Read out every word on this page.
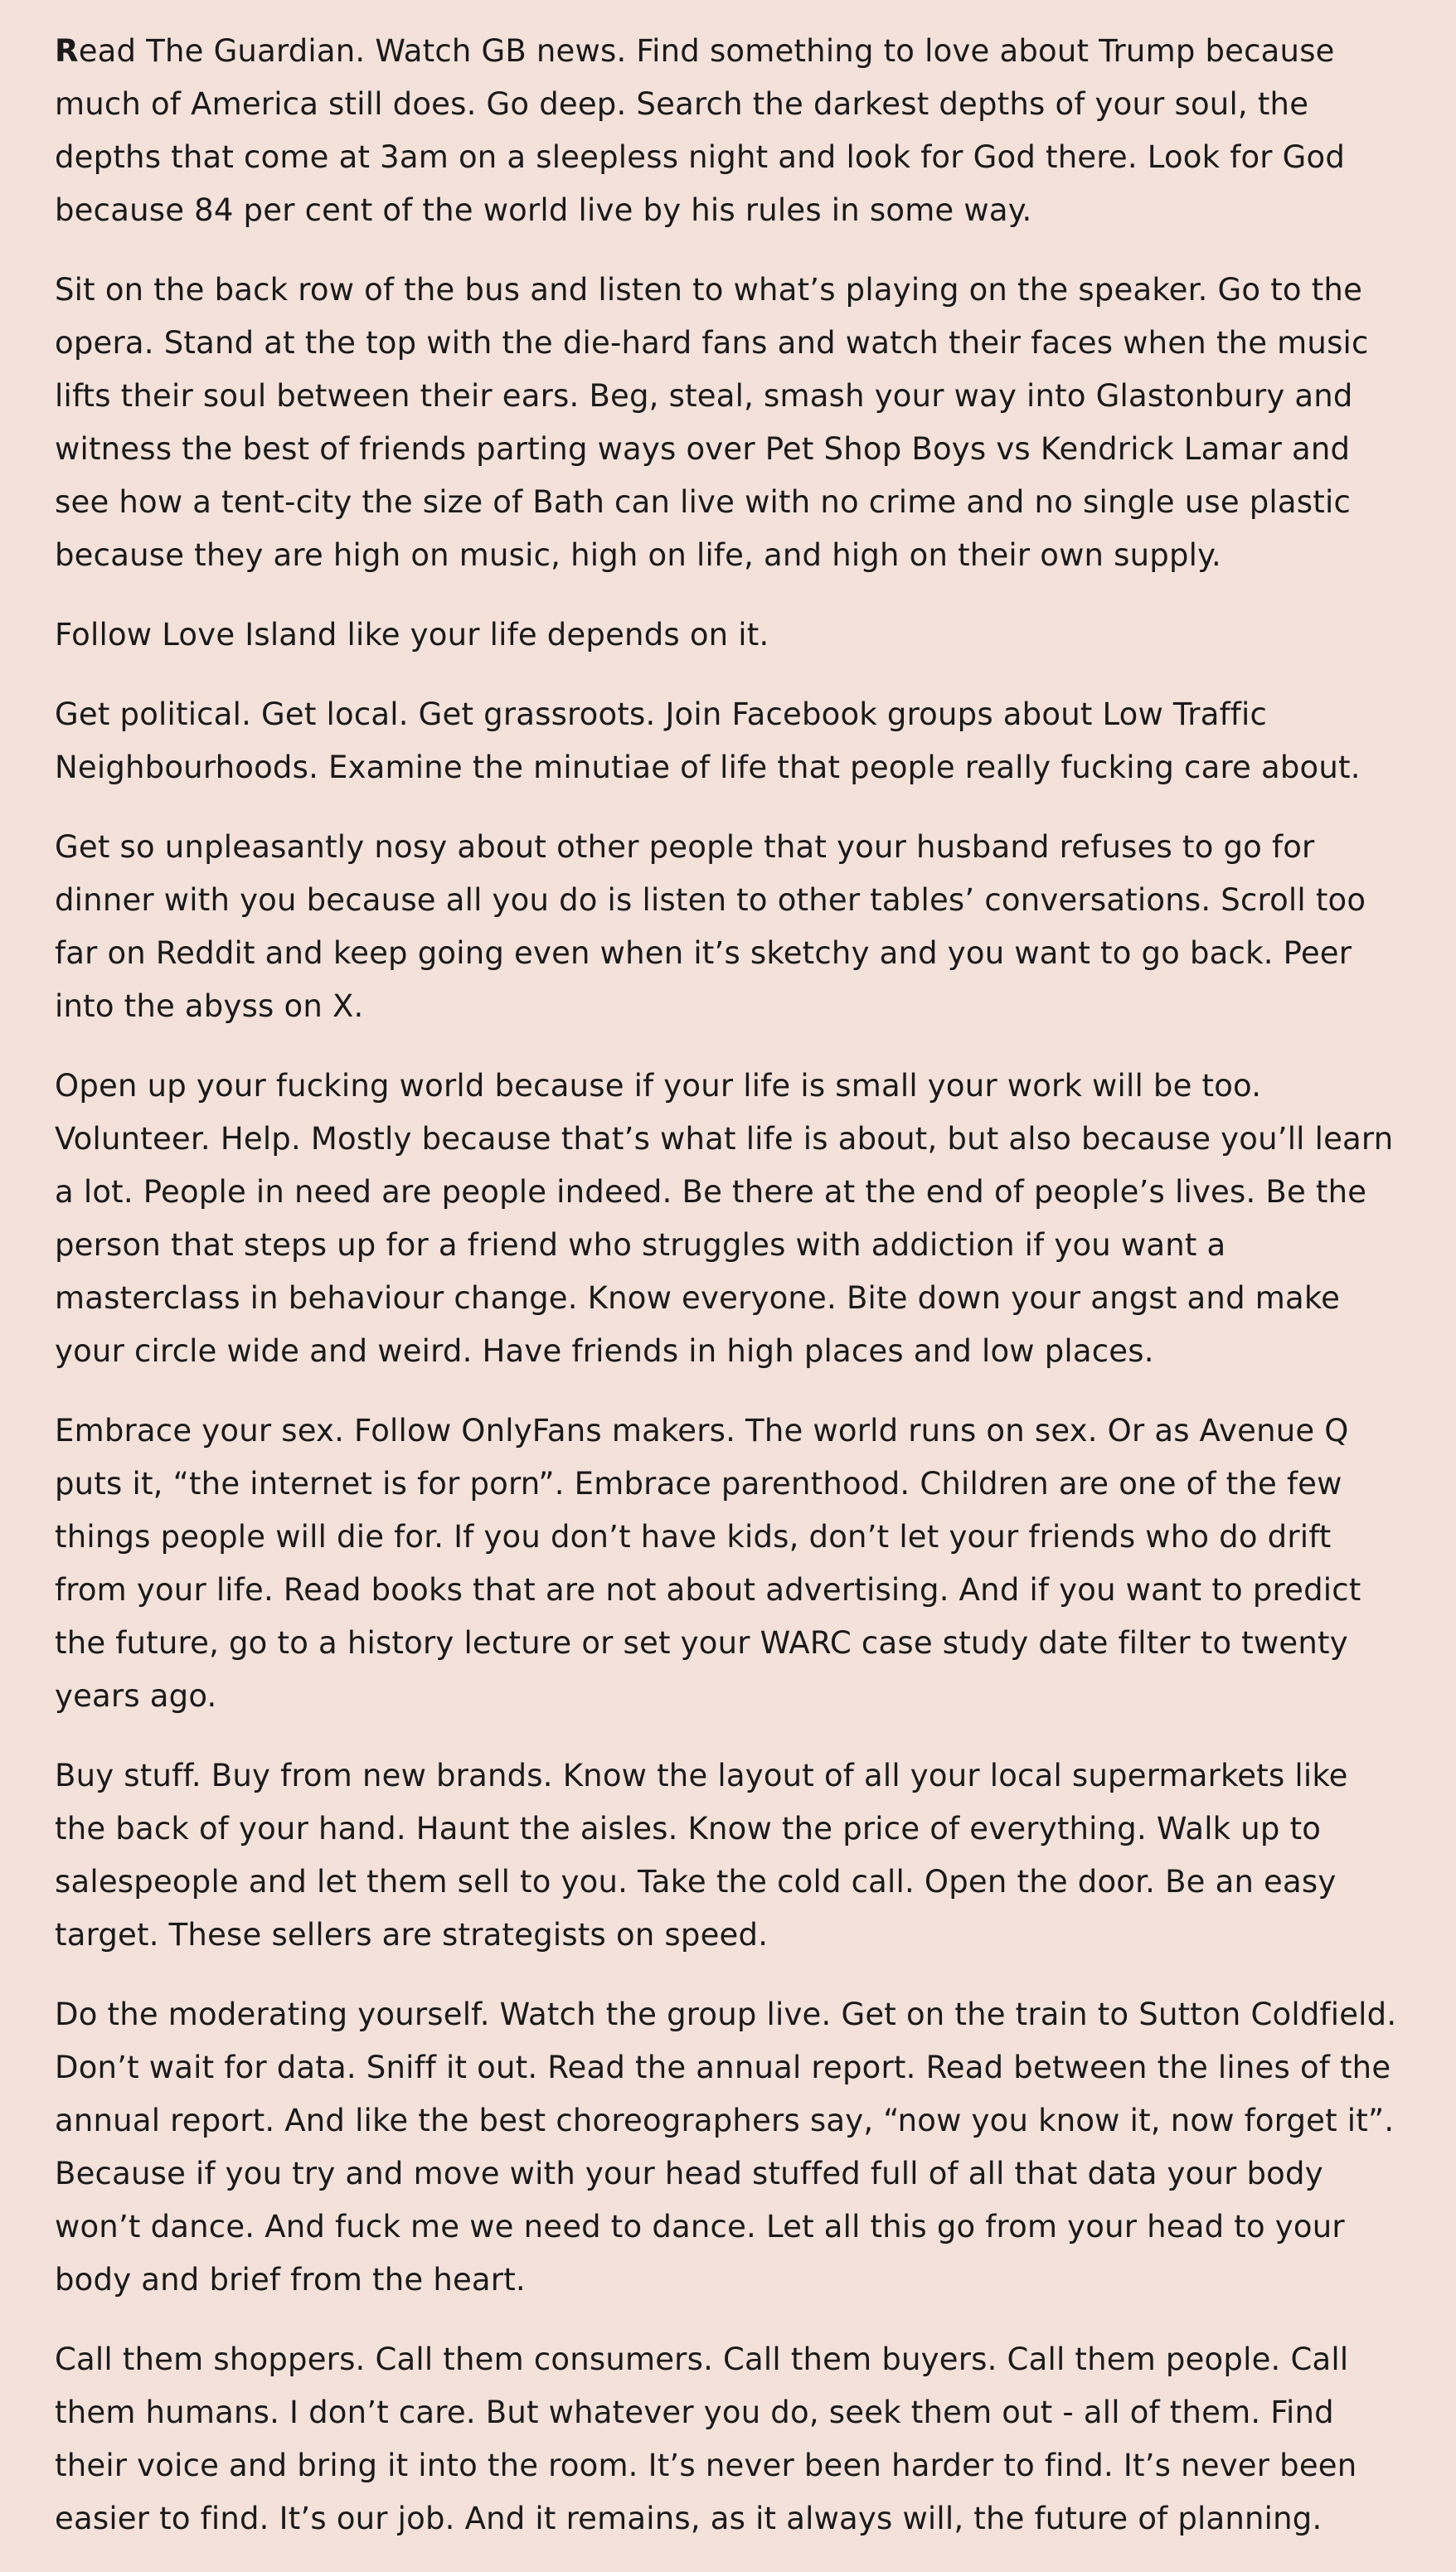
Read The Guardian. Watch GB news. Find something to love about Trump because much of America still does. Go deep. Search the darkest depths of your soul, the depths that come at 3am on a sleepless night and look for God there. Look for God because 84 per cent of the world live by his rules in some way.

Sit on the back row of the bus and listen to what’s playing on the speaker. Go to the opera. Stand at the top with the die-hard fans and watch their faces when the music lifts their soul between their ears. Beg, steal, smash your way into Glastonbury and witness the best of friends parting ways over Pet Shop Boys vs Kendrick Lamar and see how a tent-city the size of Bath can live with no crime and no single use plastic because they are high on music, high on life, and high on their own supply.

Follow Love Island like your life depends on it.

Get political. Get local. Get grassroots. Join Facebook groups about Low Traffic Neighbourhoods. Examine the minutiae of life that people really fucking care about.

Get so unpleasantly nosy about other people that your husband refuses to go for dinner with you because all you do is listen to other tables’ conversations. Scroll too far on Reddit and keep going even when it’s sketchy and you want to go back. Peer into the abyss on X.

Open up your fucking world because if your life is small your work will be too. Volunteer. Help. Mostly because that’s what life is about, but also because you’ll learn a lot. People in need are people indeed. Be there at the end of people’s lives. Be the person that steps up for a friend who struggles with addiction if you want a masterclass in behaviour change. Know everyone. Bite down your angst and make your circle wide and weird. Have friends in high places and low places.

Embrace your sex. Follow OnlyFans makers. The world runs on sex. Or as Avenue Q puts it, “the internet is for porn”. Embrace parenthood. Children are one of the few things people will die for. If you don’t have kids, don’t let your friends who do drift from your life. Read books that are not about advertising. And if you want to predict the future, go to a history lecture or set your WARC case study date filter to twenty years ago.

Buy stuff. Buy from new brands. Know the layout of all your local supermarkets like the back of your hand. Haunt the aisles. Know the price of everything. Walk up to salespeople and let them sell to you. Take the cold call. Open the door. Be an easy target. These sellers are strategists on speed.

Do the moderating yourself. Watch the group live. Get on the train to Sutton Coldfield. Don’t wait for data. Sniff it out. Read the annual report. Read between the lines of the annual report. And like the best choreographers say, “now you know it, now forget it”. Because if you try and move with your head stuffed full of all that data your body won’t dance. And fuck me we need to dance. Let all this go from your head to your body and brief from the heart.

Call them shoppers. Call them consumers. Call them buyers. Call them people. Call them humans. I don’t care. But whatever you do, seek them out - all of them. Find their voice and bring it into the room. It’s never been harder to find. It’s never been easier to find. It’s our job. And it remains, as it always will, the future of planning.
